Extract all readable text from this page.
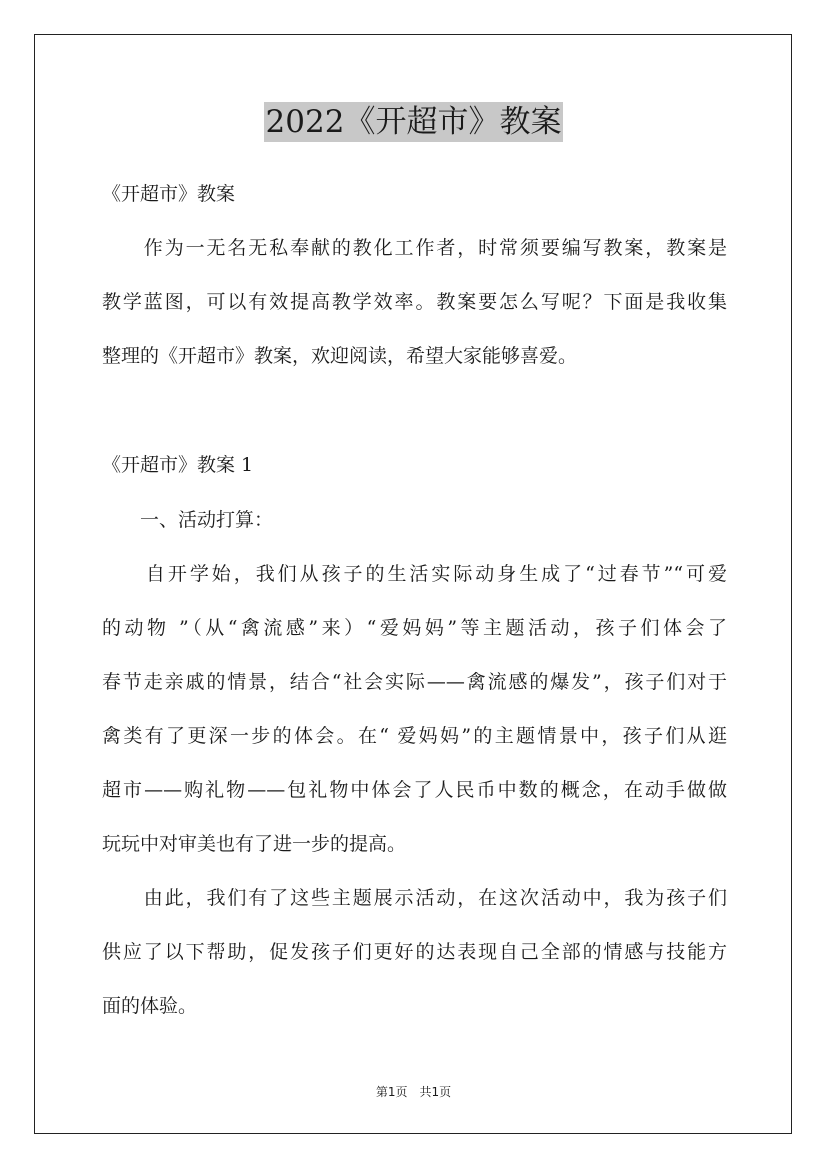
2022《开超市》教案
《开超市》教案
　　作为一无名无私奉献的教化工作者，时常须要编写教案，教案是
教学蓝图，可以有效提高教学效率。教案要怎么写呢？下面是我收集
整理的《开超市》教案，欢迎阅读，希望大家能够喜爱。
《开超市》教案 1
　　一、活动打算：
　　自开学始，我们从孩子的生活实际动身生成了“过春节”“可爱
的动物 ”（从“禽流感”来）“爱妈妈”等主题活动，孩子们体会了
春节走亲戚的情景，结合“社会实际——禽流感的爆发”，孩子们对于
禽类有了更深一步的体会。在“ 爱妈妈”的主题情景中，孩子们从逛
超市——购礼物——包礼物中体会了人民币中数的概念，在动手做做
玩玩中对审美也有了进一步的提高。
　　由此，我们有了这些主题展示活动，在这次活动中，我为孩子们
供应了以下帮助，促发孩子们更好的达表现自己全部的情感与技能方
面的体验。
第1页　共1页
